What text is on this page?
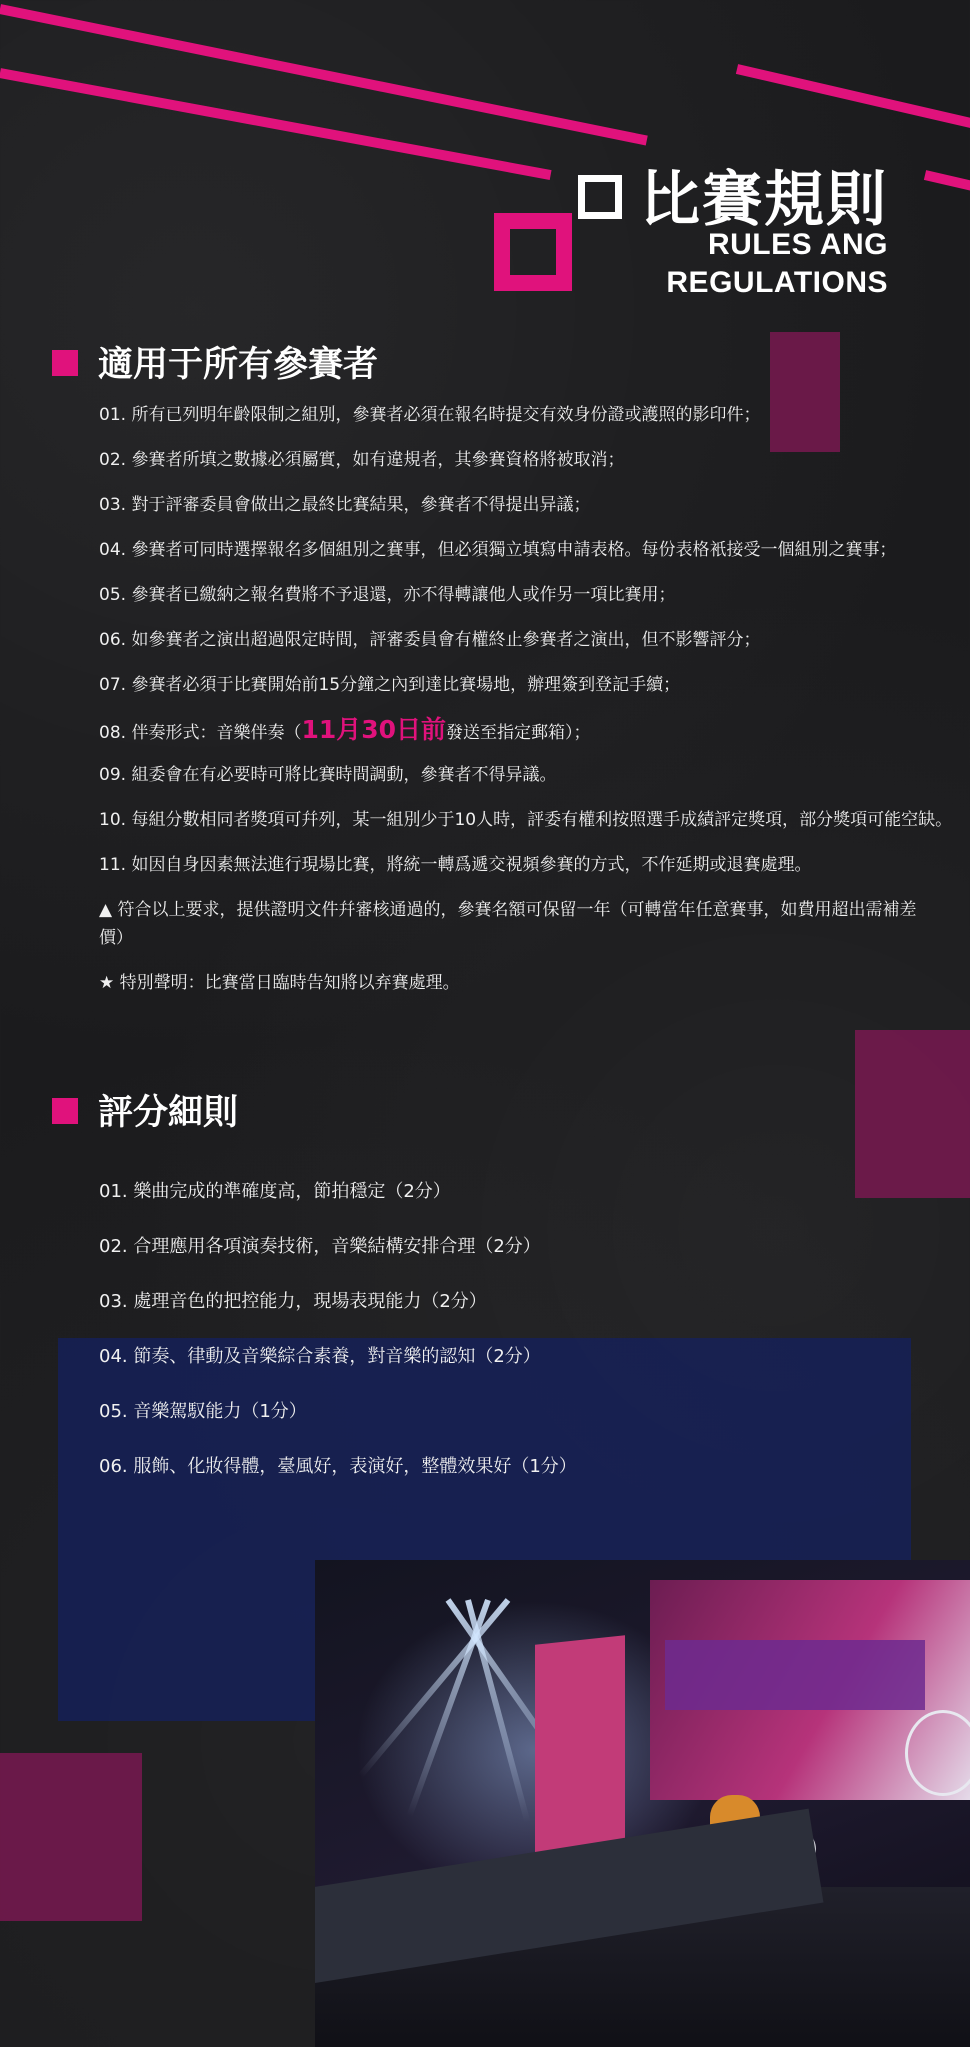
比賽規則
RULES ANG
REGULATIONS
適用于所有參賽者
01. 所有已列明年齡限制之組別，參賽者必須在報名時提交有效身份證或護照的影印件；
02. 參賽者所填之數據必須屬實，如有違規者，其參賽資格將被取消；
03. 對于評審委員會做出之最終比賽結果，參賽者不得提出异議；
04. 參賽者可同時選擇報名多個組別之賽事，但必須獨立填寫申請表格。每份表格衹接受一個組別之賽事；
05. 參賽者已繳納之報名費將不予退還，亦不得轉讓他人或作另一項比賽用；
06. 如參賽者之演出超過限定時間，評審委員會有權終止參賽者之演出，但不影響評分；
07. 參賽者必須于比賽開始前15分鐘之內到達比賽場地，辦理簽到登記手續；
08. 伴奏形式：音樂伴奏（11月30日前發送至指定郵箱）；
09. 組委會在有必要時可將比賽時間調動，參賽者不得异議。
10. 每組分數相同者獎項可幷列，某一組別少于10人時，評委有權利按照選手成績評定獎項，部分獎項可能空缺。
11. 如因自身因素無法進行現場比賽，將統一轉爲遞交視頻參賽的方式，不作延期或退賽處理。
▲ 符合以上要求，提供證明文件幷審核通過的，參賽名額可保留一年（可轉當年任意賽事，如費用超出需補差價）
★ 特別聲明：比賽當日臨時告知將以弃賽處理。
評分細則
01. 樂曲完成的準確度高，節拍穩定（2分）
02. 合理應用各項演奏技術，音樂結構安排合理（2分）
03. 處理音色的把控能力，現場表現能力（2分）
04. 節奏、律動及音樂綜合素養，對音樂的認知（2分）
05. 音樂駕馭能力（1分）
06. 服飾、化妝得體，臺風好，表演好，整體效果好（1分）
